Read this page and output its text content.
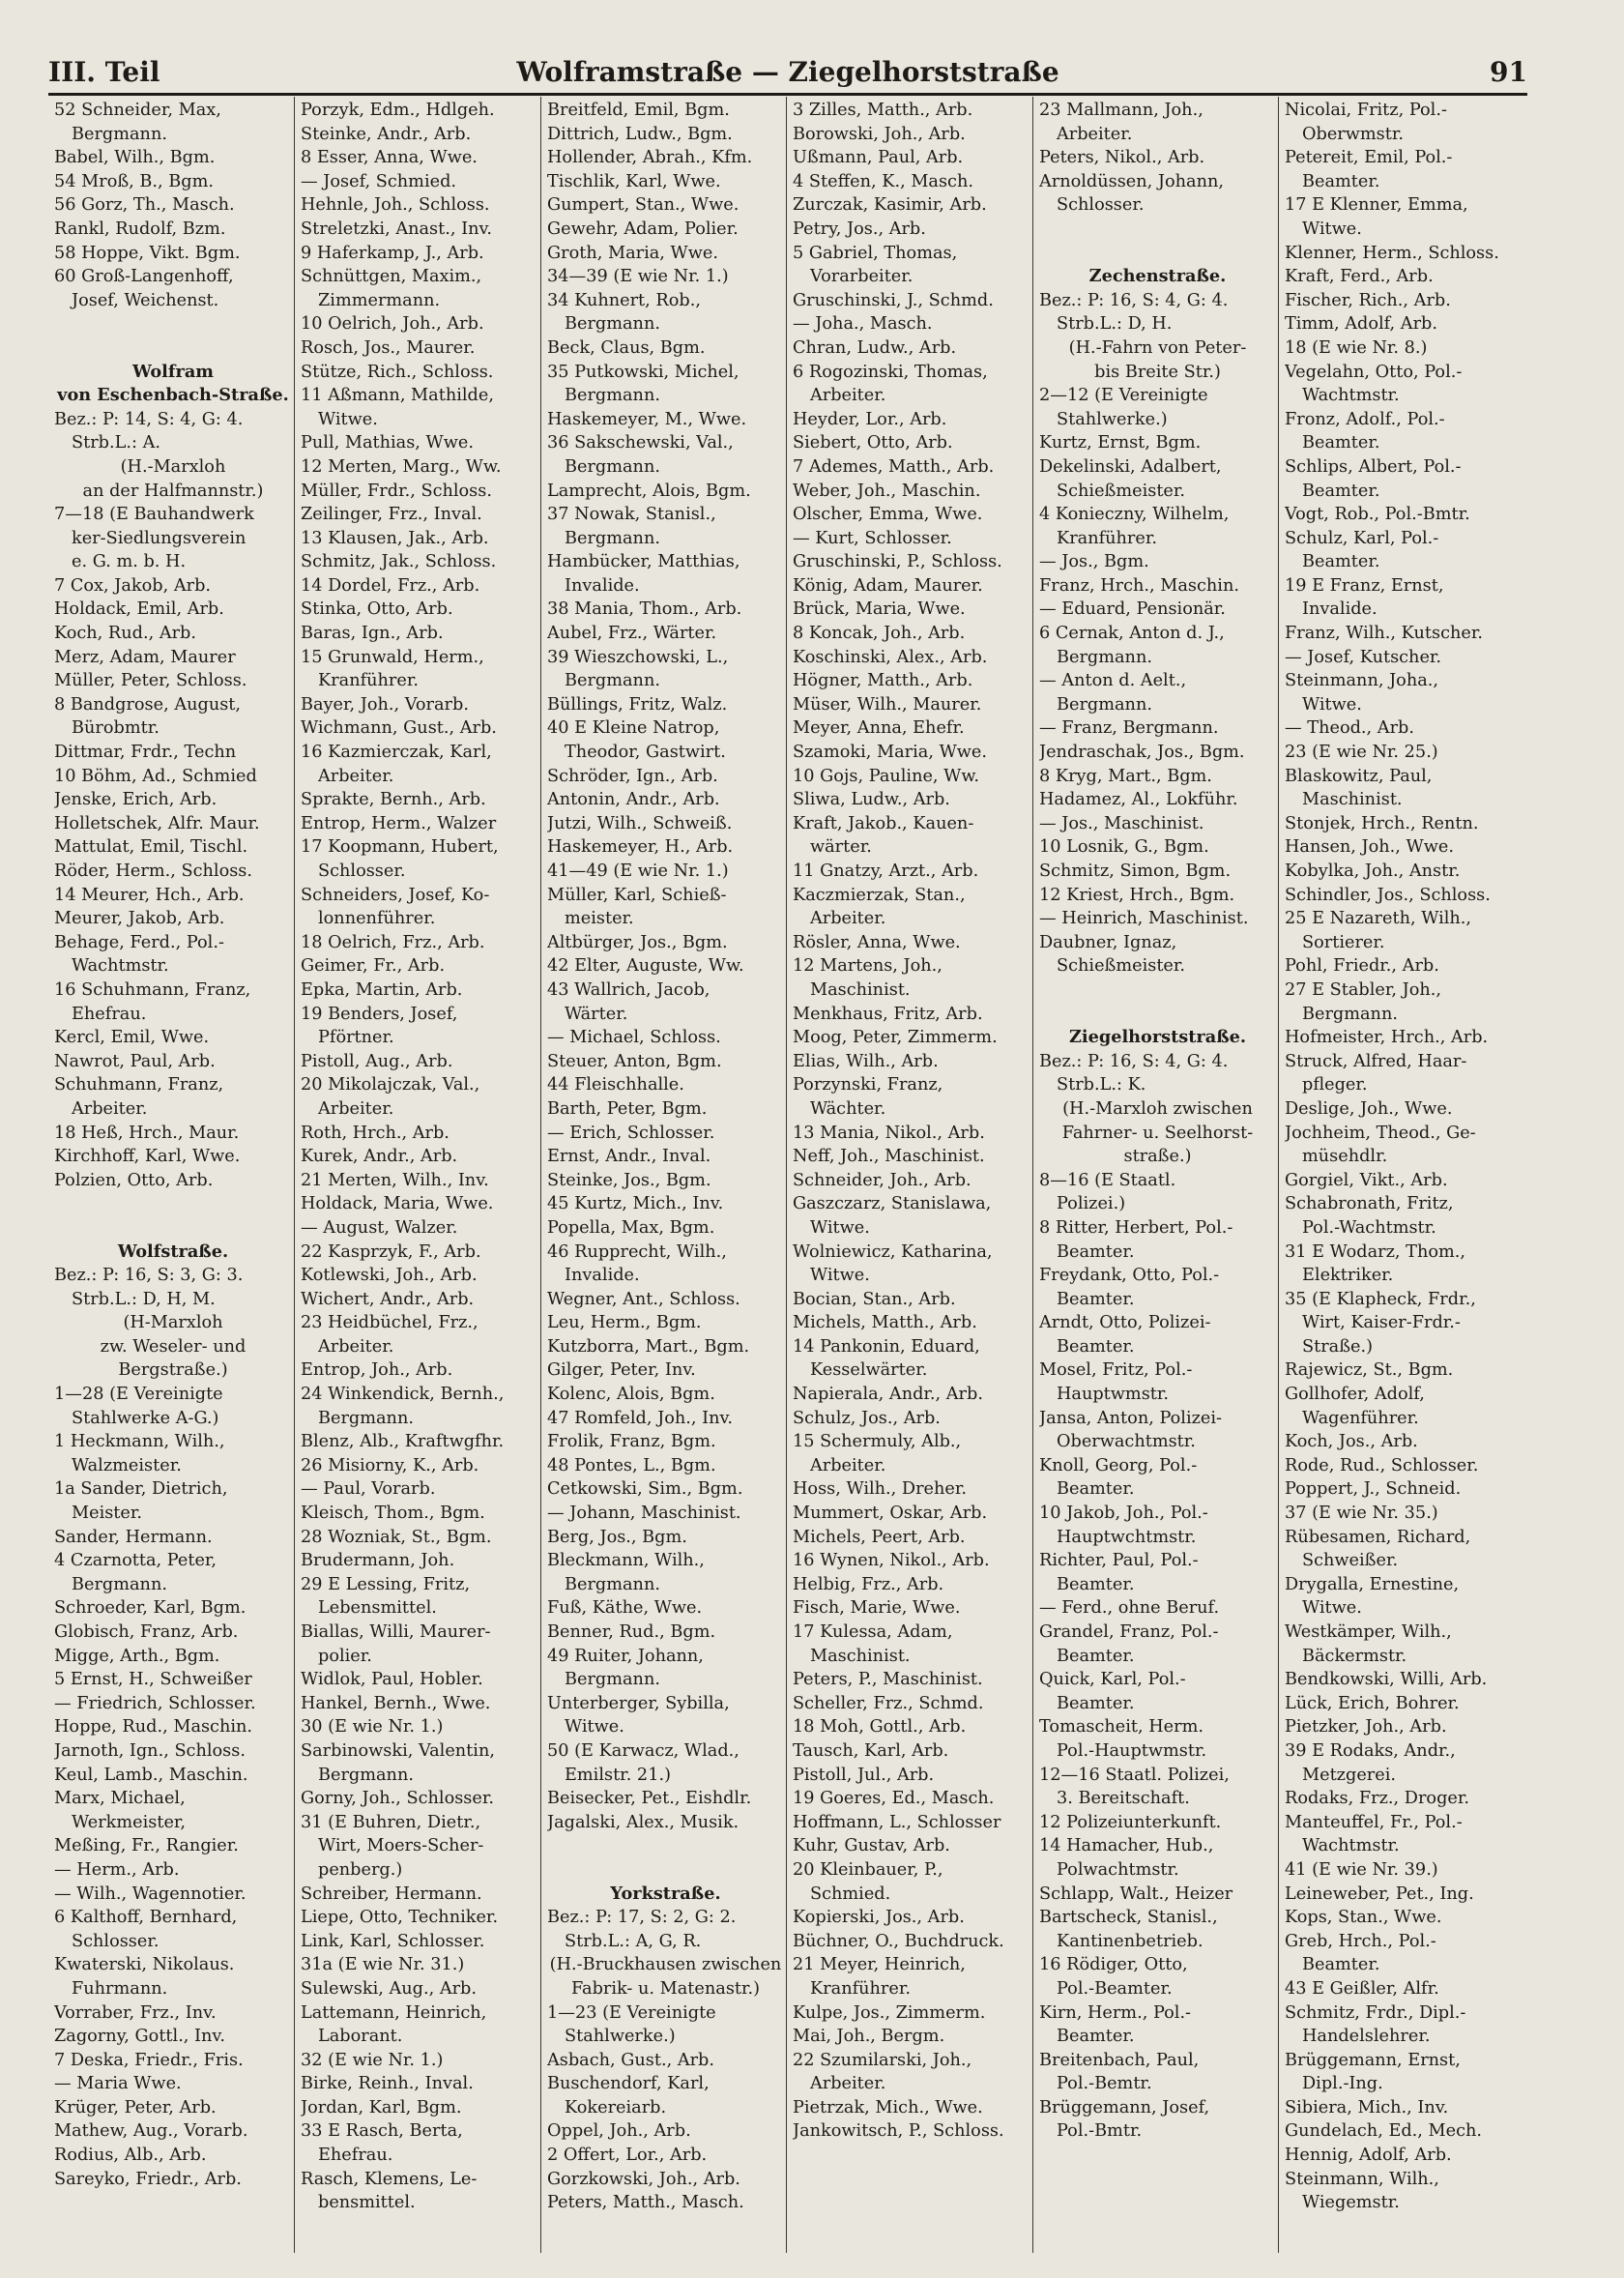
III. Teil	Wolframstraße — Ziegelhorststraße	91
52 Schneider, Max,
Bergmann.
Babel, Wilh., Bgm.
54 Mroß, B., Bgm.
56 Gorz, Th., Masch.
Rankl, Rudolf, Bzm.
58 Hoppe, Vikt. Bgm.
60 Groß-Langenhoff,
Josef, Weichenst.
Wolfram
von Eschenbach-Straße.
Bez.: P: 14, S: 4, G: 4.
Strb.L.: A.
(H.-Marxloh
an der Halfmannstr.)
7—18 (E Bauhandwerk
ker-Siedlungsverein
e. G. m. b. H.
7 Cox, Jakob, Arb.
Holdack, Emil, Arb.
Koch, Rud., Arb.
Merz, Adam, Maurer
Müller, Peter, Schloss.
8 Bandgrose, August,
Bürobmtr.
Dittmar, Frdr., Techn
10 Böhm, Ad., Schmied
Jenske, Erich, Arb.
Holletschek, Alfr. Maur.
Mattulat, Emil, Tischl.
Röder, Herm., Schloss.
14 Meurer, Hch., Arb.
Meurer, Jakob, Arb.
Behage, Ferd., Pol.-
Wachtmstr.
16 Schuhmann, Franz,
Ehefrau.
Kercl, Emil, Wwe.
Nawrot, Paul, Arb.
Schuhmann, Franz,
Arbeiter.
18 Heß, Hrch., Maur.
Kirchhoff, Karl, Wwe.
Polzien, Otto, Arb.
Wolfstraße.
Bez.: P: 16, S: 3, G: 3.
Strb.L.: D, H, M.
(H-Marxloh
zw. Weseler- und
Bergstraße.)
1—28 (E Vereinigte
Stahlwerke A-G.)
1 Heckmann, Wilh.,
Walzmeister.
1a Sander, Dietrich,
Meister.
Sander, Hermann.
4 Czarnotta, Peter,
Bergmann.
Schroeder, Karl, Bgm.
Globisch, Franz, Arb.
Migge, Arth., Bgm.
5 Ernst, H., Schweißer
— Friedrich, Schlosser.
Hoppe, Rud., Maschin.
Jarnoth, Ign., Schloss.
Keul, Lamb., Maschin.
Marx, Michael,
Werkmeister,
Meßing, Fr., Rangier.
— Herm., Arb.
— Wilh., Wagennotier.
6 Kalthoff, Bernhard,
Schlosser.
Kwaterski, Nikolaus.
Fuhrmann.
Vorraber, Frz., Inv.
Zagorny, Gottl., Inv.
7 Deska, Friedr., Fris.
— Maria Wwe.
Krüger, Peter, Arb.
Mathew, Aug., Vorarb.
Rodius, Alb., Arb.
Sareyko, Friedr., Arb.
Porzyk, Edm., Hdlgeh.
Steinke, Andr., Arb.
8 Esser, Anna, Wwe.
— Josef, Schmied.
Hehnle, Joh., Schloss.
Streletzki, Anast., Inv.
9 Haferkamp, J., Arb.
Schnüttgen, Maxim.,
Zimmermann.
10 Oelrich, Joh., Arb.
Rosch, Jos., Maurer.
Stütze, Rich., Schloss.
11 Aßmann, Mathilde,
Witwe.
Pull, Mathias, Wwe.
12 Merten, Marg., Ww.
Müller, Frdr., Schloss.
Zeilinger, Frz., Inval.
13 Klausen, Jak., Arb.
Schmitz, Jak., Schloss.
14 Dordel, Frz., Arb.
Stinka, Otto, Arb.
Baras, Ign., Arb.
15 Grunwald, Herm.,
Kranführer.
Bayer, Joh., Vorarb.
Wichmann, Gust., Arb.
16 Kazmierczak, Karl,
Arbeiter.
Sprakte, Bernh., Arb.
Entrop, Herm., Walzer
17 Koopmann, Hubert,
Schlosser.
Schneiders, Josef, Ko-
lonnenführer.
18 Oelrich, Frz., Arb.
Geimer, Fr., Arb.
Epka, Martin, Arb.
19 Benders, Josef,
Pförtner.
Pistoll, Aug., Arb.
20 Mikolajczak, Val.,
Arbeiter.
Roth, Hrch., Arb.
Kurek, Andr., Arb.
21 Merten, Wilh., Inv.
Holdack, Maria, Wwe.
— August, Walzer.
22 Kasprzyk, F., Arb.
Kotlewski, Joh., Arb.
Wichert, Andr., Arb.
23 Heidbüchel, Frz.,
Arbeiter.
Entrop, Joh., Arb.
24 Winkendick, Bernh.,
Bergmann.
Blenz, Alb., Kraftwgfhr.
26 Misiorny, K., Arb.
— Paul, Vorarb.
Kleisch, Thom., Bgm.
28 Wozniak, St., Bgm.
Brudermann, Joh.
29 E Lessing, Fritz,
Lebensmittel.
Biallas, Willi, Maurer-
polier.
Widlok, Paul, Hobler.
Hankel, Bernh., Wwe.
30 (E wie Nr. 1.)
Sarbinowski, Valentin,
Bergmann.
Gorny, Joh., Schlosser.
31 (E Buhren, Dietr.,
Wirt, Moers-Scher-
penberg.)
Schreiber, Hermann.
Liepe, Otto, Techniker.
Link, Karl, Schlosser.
31a (E wie Nr. 31.)
Sulewski, Aug., Arb.
Lattemann, Heinrich,
Laborant.
32 (E wie Nr. 1.)
Birke, Reinh., Inval.
Jordan, Karl, Bgm.
33 E Rasch, Berta,
Ehefrau.
Rasch, Klemens, Le-
bensmittel.
Breitfeld, Emil, Bgm.
Dittrich, Ludw., Bgm.
Hollender, Abrah., Kfm.
Tischlik, Karl, Wwe.
Gumpert, Stan., Wwe.
Gewehr, Adam, Polier.
Groth, Maria, Wwe.
34—39 (E wie Nr. 1.)
34 Kuhnert, Rob.,
Bergmann.
Beck, Claus, Bgm.
35 Putkowski, Michel,
Bergmann.
Haskemeyer, M., Wwe.
36 Sakschewski, Val.,
Bergmann.
Lamprecht, Alois, Bgm.
37 Nowak, Stanisl.,
Bergmann.
Hambücker, Matthias,
Invalide.
38 Mania, Thom., Arb.
Aubel, Frz., Wärter.
39 Wieszchowski, L.,
Bergmann.
Büllings, Fritz, Walz.
40 E Kleine Natrop,
Theodor, Gastwirt.
Schröder, Ign., Arb.
Antonin, Andr., Arb.
Jutzi, Wilh., Schweiß.
Haskemeyer, H., Arb.
41—49 (E wie Nr. 1.)
Müller, Karl, Schieß-
meister.
Altbürger, Jos., Bgm.
42 Elter, Auguste, Ww.
43 Wallrich, Jacob,
Wärter.
— Michael, Schloss.
Steuer, Anton, Bgm.
44 Fleischhalle.
Barth, Peter, Bgm.
— Erich, Schlosser.
Ernst, Andr., Inval.
Steinke, Jos., Bgm.
45 Kurtz, Mich., Inv.
Popella, Max, Bgm.
46 Rupprecht, Wilh.,
Invalide.
Wegner, Ant., Schloss.
Leu, Herm., Bgm.
Kutzborra, Mart., Bgm.
Gilger, Peter, Inv.
Kolenc, Alois, Bgm.
47 Romfeld, Joh., Inv.
Frolik, Franz, Bgm.
48 Pontes, L., Bgm.
Cetkowski, Sim., Bgm.
— Johann, Maschinist.
Berg, Jos., Bgm.
Bleckmann, Wilh.,
Bergmann.
Fuß, Käthe, Wwe.
Benner, Rud., Bgm.
49 Ruiter, Johann,
Bergmann.
Unterberger, Sybilla,
Witwe.
50 (E Karwacz, Wlad.,
Emilstr. 21.)
Beisecker, Pet., Eishdlr.
Jagalski, Alex., Musik.
Yorkstraße.
Bez.: P: 17, S: 2, G: 2.
Strb.L.: A, G, R.
(H.-Bruckhausen zwischen
Fabrik- u. Matenastr.)
1—23 (E Vereinigte
Stahlwerke.)
Asbach, Gust., Arb.
Buschendorf, Karl,
Kokereiarb.
Oppel, Joh., Arb.
2 Offert, Lor., Arb.
Gorzkowski, Joh., Arb.
Peters, Matth., Masch.
3 Zilles, Matth., Arb.
Borowski, Joh., Arb.
Ußmann, Paul, Arb.
4 Steffen, K., Masch.
Zurczak, Kasimir, Arb.
Petry, Jos., Arb.
5 Gabriel, Thomas,
Vorarbeiter.
Gruschinski, J., Schmd.
— Joha., Masch.
Chran, Ludw., Arb.
6 Rogozinski, Thomas,
Arbeiter.
Heyder, Lor., Arb.
Siebert, Otto, Arb.
7 Ademes, Matth., Arb.
Weber, Joh., Maschin.
Olscher, Emma, Wwe.
— Kurt, Schlosser.
Gruschinski, P., Schloss.
König, Adam, Maurer.
Brück, Maria, Wwe.
8 Koncak, Joh., Arb.
Koschinski, Alex., Arb.
Högner, Matth., Arb.
Müser, Wilh., Maurer.
Meyer, Anna, Ehefr.
Szamoki, Maria, Wwe.
10 Gojs, Pauline, Ww.
Sliwa, Ludw., Arb.
Kraft, Jakob., Kauen-
wärter.
11 Gnatzy, Arzt., Arb.
Kaczmierzak, Stan.,
Arbeiter.
Rösler, Anna, Wwe.
12 Martens, Joh.,
Maschinist.
Menkhaus, Fritz, Arb.
Moog, Peter, Zimmerm.
Elias, Wilh., Arb.
Porzynski, Franz,
Wächter.
13 Mania, Nikol., Arb.
Neff, Joh., Maschinist.
Schneider, Joh., Arb.
Gaszczarz, Stanislawa,
Witwe.
Wolniewicz, Katharina,
Witwe.
Bocian, Stan., Arb.
Michels, Matth., Arb.
14 Pankonin, Eduard,
Kesselwärter.
Napierala, Andr., Arb.
Schulz, Jos., Arb.
15 Schermuly, Alb.,
Arbeiter.
Hoss, Wilh., Dreher.
Mummert, Oskar, Arb.
Michels, Peert, Arb.
16 Wynen, Nikol., Arb.
Helbig, Frz., Arb.
Fisch, Marie, Wwe.
17 Kulessa, Adam,
Maschinist.
Peters, P., Maschinist.
Scheller, Frz., Schmd.
18 Moh, Gottl., Arb.
Tausch, Karl, Arb.
Pistoll, Jul., Arb.
19 Goeres, Ed., Masch.
Hoffmann, L., Schlosser
Kuhr, Gustav, Arb.
20 Kleinbauer, P.,
Schmied.
Kopierski, Jos., Arb.
Büchner, O., Buchdruck.
21 Meyer, Heinrich,
Kranführer.
Kulpe, Jos., Zimmerm.
Mai, Joh., Bergm.
22 Szumilarski, Joh.,
Arbeiter.
Pietrzak, Mich., Wwe.
Jankowitsch, P., Schloss.
23 Mallmann, Joh.,
Arbeiter.
Peters, Nikol., Arb.
Arnoldüssen, Johann,
Schlosser.
Zechenstraße.
Bez.: P: 16, S: 4, G: 4.
Strb.L.: D, H.
(H.-Fahrn von Peter-
bis Breite Str.)
2—12 (E Vereinigte
Stahlwerke.)
Kurtz, Ernst, Bgm.
Dekelinski, Adalbert,
Schießmeister.
4 Konieczny, Wilhelm,
Kranführer.
— Jos., Bgm.
Franz, Hrch., Maschin.
— Eduard, Pensionär.
6 Cernak, Anton d. J.,
Bergmann.
— Anton d. Aelt.,
Bergmann.
— Franz, Bergmann.
Jendraschak, Jos., Bgm.
8 Kryg, Mart., Bgm.
Hadamez, Al., Lokführ.
— Jos., Maschinist.
10 Losnik, G., Bgm.
Schmitz, Simon, Bgm.
12 Kriest, Hrch., Bgm.
— Heinrich, Maschinist.
Daubner, Ignaz,
Schießmeister.
Ziegelhorststraße.
Bez.: P: 16, S: 4, G: 4.
Strb.L.: K.
(H.-Marxloh zwischen
Fahrner- u. Seelhorst-
straße.)
8—16 (E Staatl.
Polizei.)
8 Ritter, Herbert, Pol.-
Beamter.
Freydank, Otto, Pol.-
Beamter.
Arndt, Otto, Polizei-
Beamter.
Mosel, Fritz, Pol.-
Hauptwmstr.
Jansa, Anton, Polizei-
Oberwachtmstr.
Knoll, Georg, Pol.-
Beamter.
10 Jakob, Joh., Pol.-
Hauptwchtmstr.
Richter, Paul, Pol.-
Beamter.
— Ferd., ohne Beruf.
Grandel, Franz, Pol.-
Beamter.
Quick, Karl, Pol.-
Beamter.
Tomascheit, Herm.
Pol.-Hauptwmstr.
12—16 Staatl. Polizei,
3. Bereitschaft.
12 Polizeiunterkunft.
14 Hamacher, Hub.,
Polwachtmstr.
Schlapp, Walt., Heizer
Bartscheck, Stanisl.,
Kantinenbetrieb.
16 Rödiger, Otto,
Pol.-Beamter.
Kirn, Herm., Pol.-
Beamter.
Breitenbach, Paul,
Pol.-Bemtr.
Brüggemann, Josef,
Pol.-Bmtr.
Nicolai, Fritz, Pol.-
Oberwmstr.
Petereit, Emil, Pol.-
Beamter.
17 E Klenner, Emma,
Witwe.
Klenner, Herm., Schloss.
Kraft, Ferd., Arb.
Fischer, Rich., Arb.
Timm, Adolf, Arb.
18 (E wie Nr. 8.)
Vegelahn, Otto, Pol.-
Wachtmstr.
Fronz, Adolf., Pol.-
Beamter.
Schlips, Albert, Pol.-
Beamter.
Vogt, Rob., Pol.-Bmtr.
Schulz, Karl, Pol.-
Beamter.
19 E Franz, Ernst,
Invalide.
Franz, Wilh., Kutscher.
— Josef, Kutscher.
Steinmann, Joha.,
Witwe.
— Theod., Arb.
23 (E wie Nr. 25.)
Blaskowitz, Paul,
Maschinist.
Stonjek, Hrch., Rentn.
Hansen, Joh., Wwe.
Kobylka, Joh., Anstr.
Schindler, Jos., Schloss.
25 E Nazareth, Wilh.,
Sortierer.
Pohl, Friedr., Arb.
27 E Stabler, Joh.,
Bergmann.
Hofmeister, Hrch., Arb.
Struck, Alfred, Haar-
pfleger.
Deslige, Joh., Wwe.
Jochheim, Theod., Ge-
müsehdlr.
Gorgiel, Vikt., Arb.
Schabronath, Fritz,
Pol.-Wachtmstr.
31 E Wodarz, Thom.,
Elektriker.
35 (E Klapheck, Frdr.,
Wirt, Kaiser-Frdr.-
Straße.)
Rajewicz, St., Bgm.
Gollhofer, Adolf,
Wagenführer.
Koch, Jos., Arb.
Rode, Rud., Schlosser.
Poppert, J., Schneid.
37 (E wie Nr. 35.)
Rübesamen, Richard,
Schweißer.
Drygalla, Ernestine,
Witwe.
Westkämper, Wilh.,
Bäckermstr.
Bendkowski, Willi, Arb.
Lück, Erich, Bohrer.
Pietzker, Joh., Arb.
39 E Rodaks, Andr.,
Metzgerei.
Rodaks, Frz., Droger.
Manteuffel, Fr., Pol.-
Wachtmstr.
41 (E wie Nr. 39.)
Leineweber, Pet., Ing.
Kops, Stan., Wwe.
Greb, Hrch., Pol.-
Beamter.
43 E Geißler, Alfr.
Schmitz, Frdr., Dipl.-
Handelslehrer.
Brüggemann, Ernst,
Dipl.-Ing.
Sibiera, Mich., Inv.
Gundelach, Ed., Mech.
Hennig, Adolf, Arb.
Steinmann, Wilh.,
Wiegemstr.
